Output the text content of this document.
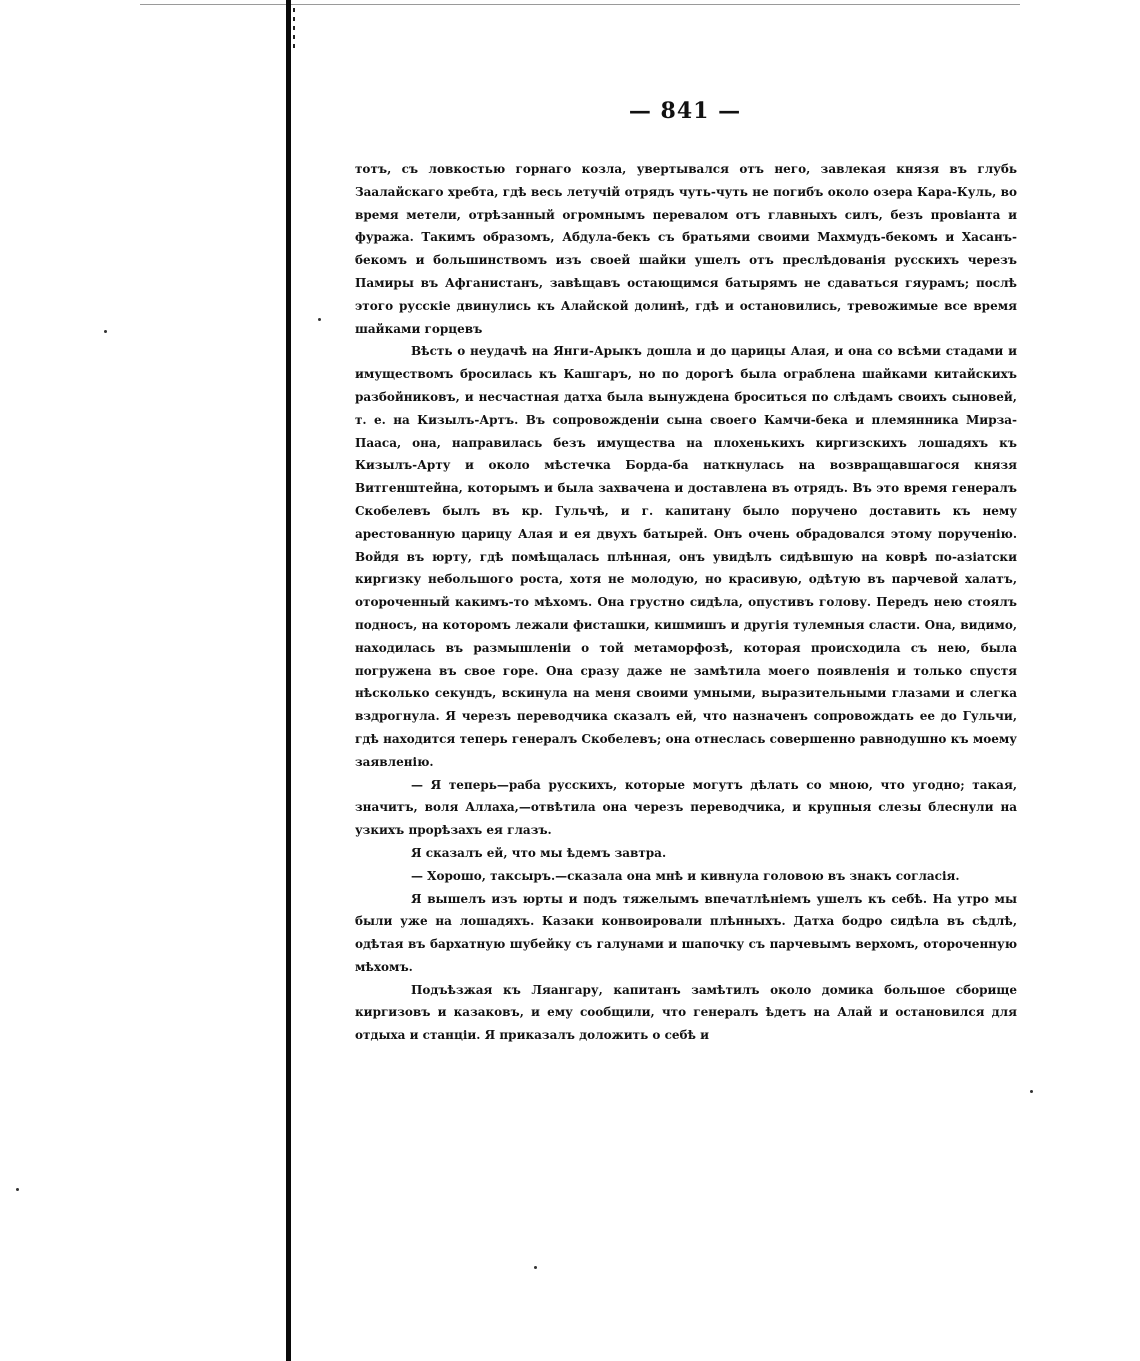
— 841 —

тотъ, съ ловкостью горнаго козла, увертывался отъ него, завлекая князя въ глубь Заалайскаго хребта, гдѣ весь летучій отрядъ чуть-чуть не погибъ около озера Кара-Куль, во время метели, отрѣзанный огромнымъ перевалом отъ главныхъ силъ, безъ провіанта и фуража. Такимъ образомъ, Абдула-бекъ съ братьями своими Махмудъ-бекомъ и Хасанъ-бекомъ и большинствомъ изъ своей шайки ушелъ отъ преслѣдованія русскихъ черезъ Памиры въ Афганистанъ, завѣщавъ остающимся батырямъ не сдаваться гяурамъ; послѣ этого русскіе двинулись къ Алайской долинѣ, гдѣ и остановились, тревожимые все время шайками горцевъ

Вѣсть о неудачѣ на Янги-Арыкъ дошла и до царицы Алая, и она со всѣми стадами и имуществомъ бросилась къ Кашгаръ, но по дорогѣ была ограблена шайками китайскихъ разбойниковъ, и несчастная датха была вынуждена броситься по слѣдамъ своихъ сыновей, т. е. на Кизылъ-Артъ. Въ сопровожденіи сына своего Камчи-бека и племянника Мирза-Пааса, она, направилась безъ имущества на плохенькихъ киргизскихъ лошадяхъ къ Кизылъ-Арту и около мѣстечка Борда-ба наткнулась на возвращавшагося князя Витгенштейна, которымъ и была захвачена и доставлена въ отрядъ. Въ это время генералъ Скобелевъ былъ въ кр. Гульчѣ, и г. капитану было поручено доставить къ нему арестованную царицу Алая и ея двухъ батырей. Онъ очень обрадовался этому порученію. Войдя въ юрту, гдѣ помѣщалась плѣнная, онъ увидѣлъ сидѣвшую на коврѣ по-азіатски киргизку небольшого роста, хотя не молодую, но красивую, одѣтую въ парчевой халатъ, отороченный какимъ-то мѣхомъ. Она грустно сидѣла, опустивъ голову. Передъ нею стоялъ подносъ, на которомъ лежали фисташки, кишмишъ и другія тулемныя сласти. Она, видимо, находилась въ размышленіи о той метаморфозѣ, которая происходила съ нею, была погружена въ свое горе. Она сразу даже не замѣтила моего появленія и только спустя нѣсколько секундъ, вскинула на меня своими умными, выразительными глазами и слегка вздрогнула. Я черезъ переводчика сказалъ ей, что назначенъ сопровождать ее до Гульчи, гдѣ находится теперь генералъ Скобелевъ; она отнеслась совершенно равнодушно къ моему заявленію.

— Я теперь—раба русскихъ, которые могутъ дѣлать со мною, что угодно; такая, значитъ, воля Аллаха,—отвѣтила она черезъ переводчика, и крупныя слезы блеснули на узкихъ прорѣзахъ ея глазъ.

Я сказалъ ей, что мы ѣдемъ завтра.

— Хорошо, таксыръ.—сказала она мнѣ и кивнула головою въ знакъ согласія.

Я вышелъ изъ юрты и подъ тяжелымъ впечатлѣніемъ ушелъ къ себѣ. На утро мы были уже на лошадяхъ. Казаки конвоировали плѣнныхъ. Датха бодро сидѣла въ сѣдлѣ, одѣтая въ бархатную шубейку съ галунами и шапочку съ парчевымъ верхомъ, отороченную мѣхомъ.

Подъѣзжая къ Ляангару, капитанъ замѣтилъ около домика большое сборище киргизовъ и казаковъ, и ему сообщили, что генералъ ѣдетъ на Алай и остановился для отдыха и станціи. Я приказалъ доложить о себѣ и
